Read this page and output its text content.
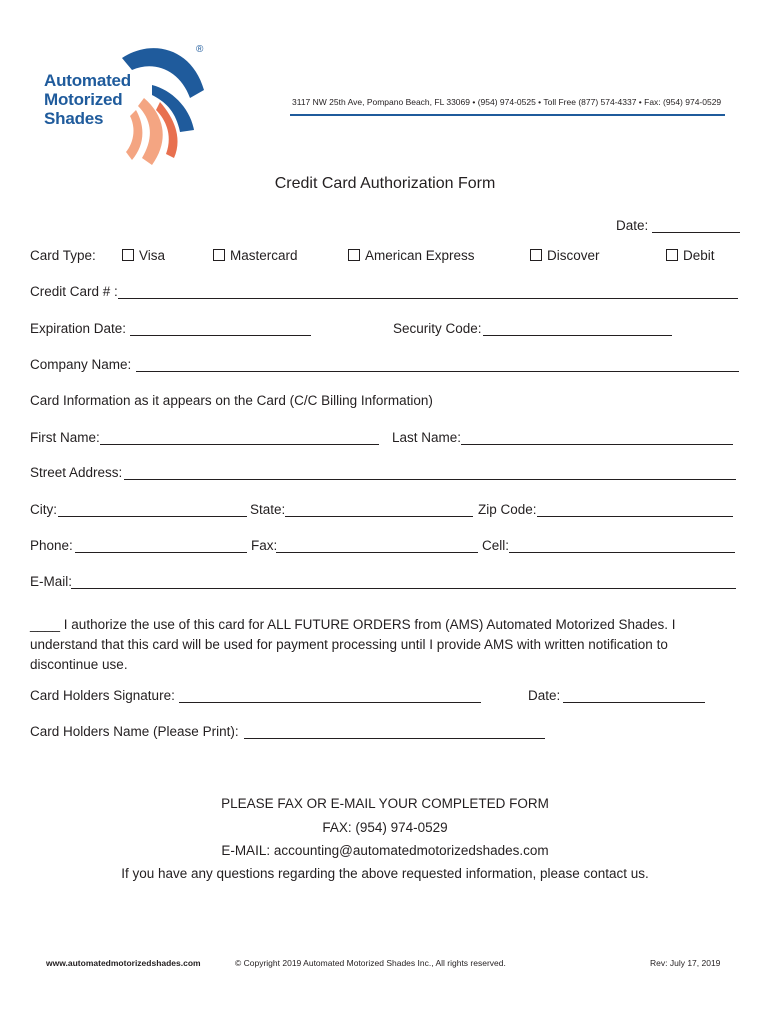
®
Automated
Motorized
Shades
3117 NW 25th Ave, Pompano Beach, FL 33069 • (954) 974-0525 • Toll Free (877) 574-4337 • Fax: (954) 974-0529
Credit Card Authorization Form
Date:
Card Type:	Visa	Mastercard	American Express	Discover	Debit
Credit Card # :
Expiration Date:	Security Code:
Company Name:
Card Information as it appears on the Card (C/C Billing Information)
First Name:	Last Name:
Street Address:
City:	State:	Zip Code:
Phone:	Fax:	Cell:
E-Mail:
____ I authorize the use of this card for ALL FUTURE ORDERS from (AMS) Automated Motorized Shades. I understand that this card will be used for payment processing until I provide AMS with written notification to discontinue use.
Card Holders Signature:	Date:
Card Holders Name (Please Print):
PLEASE FAX OR E-MAIL YOUR COMPLETED FORM
FAX: (954) 974-0529
E-MAIL: accounting@automatedmotorizedshades.com
If you have any questions regarding the above requested information, please contact us.
www.automatedmotorizedshades.com	© Copyright 2019 Automated Motorized Shades Inc., All rights reserved.	Rev: July 17, 2019
